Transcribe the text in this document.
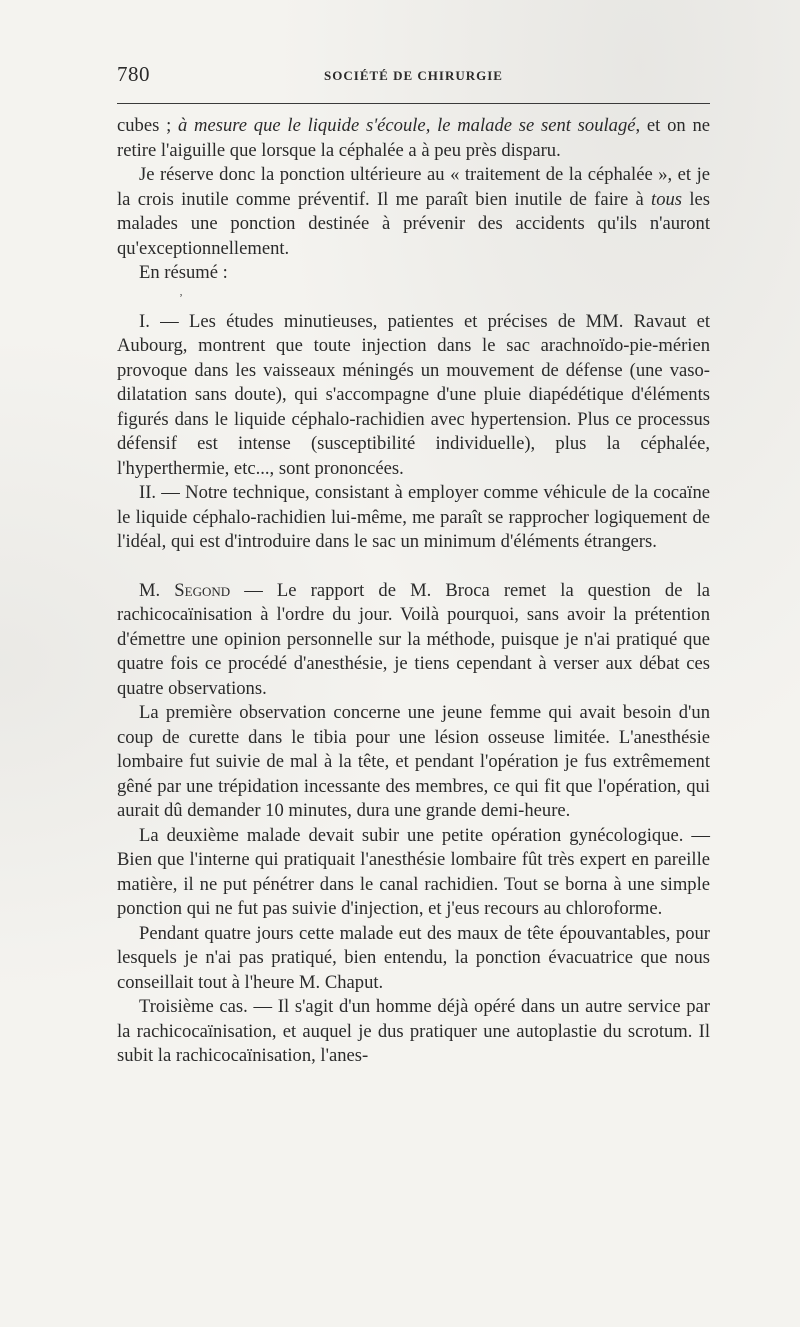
780	SOCIÉTÉ DE CHIRURGIE

cubes ; à mesure que le liquide s'écoule, le malade se sent soulagé, et on ne retire l'aiguille que lorsque la céphalée a à peu près disparu.

Je réserve donc la ponction ultérieure au « traitement de la céphalée », et je la crois inutile comme préventif. Il me paraît bien inutile de faire à tous les malades une ponction destinée à prévenir des accidents qu'ils n'auront qu'exceptionnellement.

En résumé :

ʼ

I. — Les études minutieuses, patientes et précises de MM. Ravaut et Aubourg, montrent que toute injection dans le sac arachnoïdo-pie-mérien provoque dans les vaisseaux méningés un mouvement de défense (une vaso-dilatation sans doute), qui s'accompagne d'une pluie diapédétique d'éléments figurés dans le liquide céphalo-rachidien avec hypertension. Plus ce processus défensif est intense (susceptibilité individuelle), plus la céphalée, l'hyperthermie, etc..., sont prononcées.

II. — Notre technique, consistant à employer comme véhicule de la cocaïne le liquide céphalo-rachidien lui-même, me paraît se rapprocher logiquement de l'idéal, qui est d'introduire dans le sac un minimum d'éléments étrangers.

M. Segond — Le rapport de M. Broca remet la question de la rachicocaïnisation à l'ordre du jour. Voilà pourquoi, sans avoir la prétention d'émettre une opinion personnelle sur la méthode, puisque je n'ai pratiqué que quatre fois ce procédé d'anesthésie, je tiens cependant à verser aux débat ces quatre observations.

La première observation concerne une jeune femme qui avait besoin d'un coup de curette dans le tibia pour une lésion osseuse limitée. L'anesthésie lombaire fut suivie de mal à la tête, et pendant l'opération je fus extrêmement gêné par une trépidation incessante des membres, ce qui fit que l'opération, qui aurait dû demander 10 minutes, dura une grande demi-heure.

La deuxième malade devait subir une petite opération gynécologique. — Bien que l'interne qui pratiquait l'anesthésie lombaire fût très expert en pareille matière, il ne put pénétrer dans le canal rachidien. Tout se borna à une simple ponction qui ne fut pas suivie d'injection, et j'eus recours au chloroforme.

Pendant quatre jours cette malade eut des maux de tête épouvantables, pour lesquels je n'ai pas pratiqué, bien entendu, la ponction évacuatrice que nous conseillait tout à l'heure M. Chaput.

Troisième cas. — Il s'agit d'un homme déjà opéré dans un autre service par la rachicocaïnisation, et auquel je dus pratiquer une autoplastie du scrotum. Il subit la rachicocaïnisation, l'anes-
